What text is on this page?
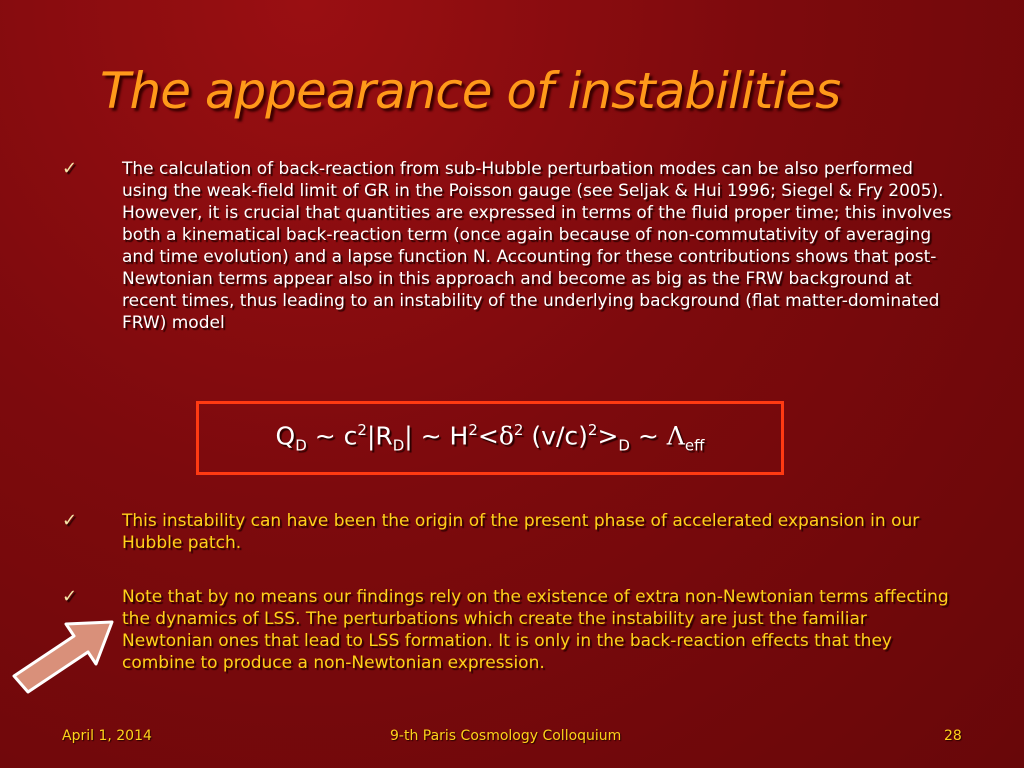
The appearance of instabilities
✓	The calculation of back-reaction from sub-Hubble perturbation modes can be also performed using the weak-field limit of GR in the Poisson gauge (see Seljak & Hui 1996; Siegel & Fry 2005). However, it is crucial that quantities are expressed in terms of the fluid proper time; this involves both a kinematical back-reaction term (once again because of non-commutativity of averaging and time evolution) and a lapse function N. Accounting for these contributions shows that post-Newtonian terms appear also in this approach and become as big as the FRW background at recent times, thus leading to an instability of the underlying background (flat matter-dominated FRW) model
$Q_D$ ~ $c^2|R_D|$ ~ $H^2<\delta^2$ $(v/c)^2>_D$ ~ $\Lambda_{eff}$
✓	This instability can have been the origin of the present phase of accelerated expansion in our Hubble patch.
✓	Note that by no means our findings rely on the existence of extra non-Newtonian terms affecting the dynamics of LSS. The perturbations which create the instability are just the familiar Newtonian ones that lead to LSS formation. It is only in the back-reaction effects that they combine to produce a non-Newtonian expression.
April 1, 2014	9-th Paris Cosmology Colloquium	28
